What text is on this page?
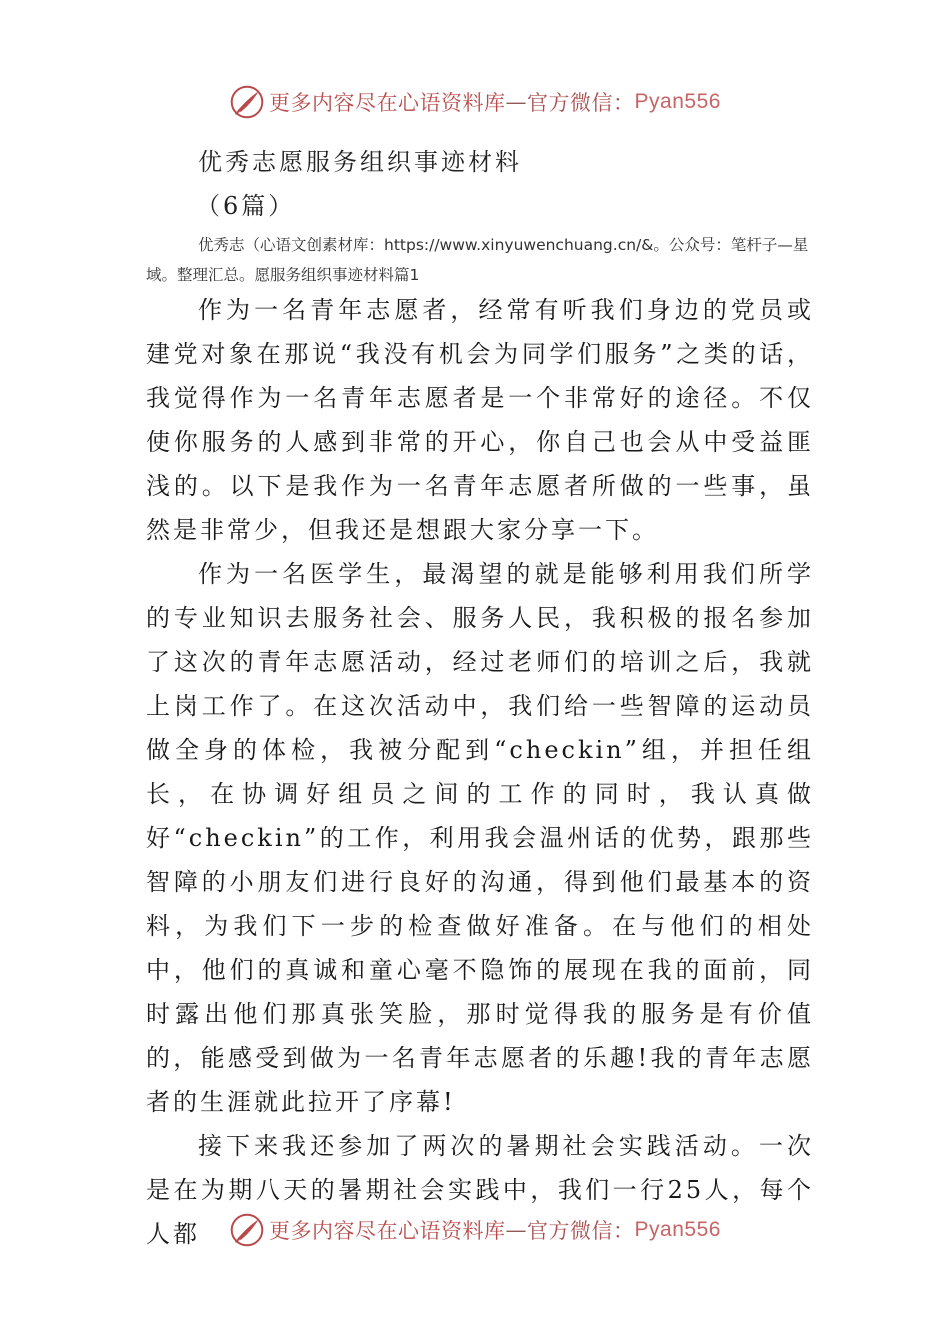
更多内容尽在心语资料库 — 官方微信： Pyan556
优秀志愿服务组织事迹材料
（6篇）
优秀志（心语文创素材库：https://www.xinyuwenchuang.cn/&。公众号：笔杆子—星域。整理汇总。愿服务组织事迹材料篇1

作为一名青年志愿者，经常有听我们身边的党员或建党对象在那说“我没有机会为同学们服务”之类的话，我觉得作为一名青年志愿者是一个非常好的途径。不仅使你服务的人感到非常的开心，你自己也会从中受益匪浅的。以下是我作为一名青年志愿者所做的一些事，虽然是非常少，但我还是想跟大家分享一下。

作为一名医学生，最渴望的就是能够利用我们所学的专业知识去服务社会、服务人民，我积极的报名参加了这次的青年志愿活动，经过老师们的培训之后，我就上岗工作了。在这次活动中，我们给一些智障的运动员做全身的体检，我被分配到“checkin”组，并担任组长，在协调好组员之间的工作的同时，我认真做好“checkin”的工作，利用我会温州话的优势，跟那些智障的小朋友们进行良好的沟通，得到他们最基本的资料，为我们下一步的检查做好准备。在与他们的相处中，他们的真诚和童心毫不隐饰的展现在我的面前，同时露出他们那真张笑脸，那时觉得我的服务是有价值的，能感受到做为一名青年志愿者的乐趣!我的青年志愿者的生涯就此拉开了序幕!

接下来我还参加了两次的暑期社会实践活动。一次是在为期八天的暑期社会实践中，我们一行25人，每个人都	更多内容尽在心语资料库 — 官方微信： Pyan556
